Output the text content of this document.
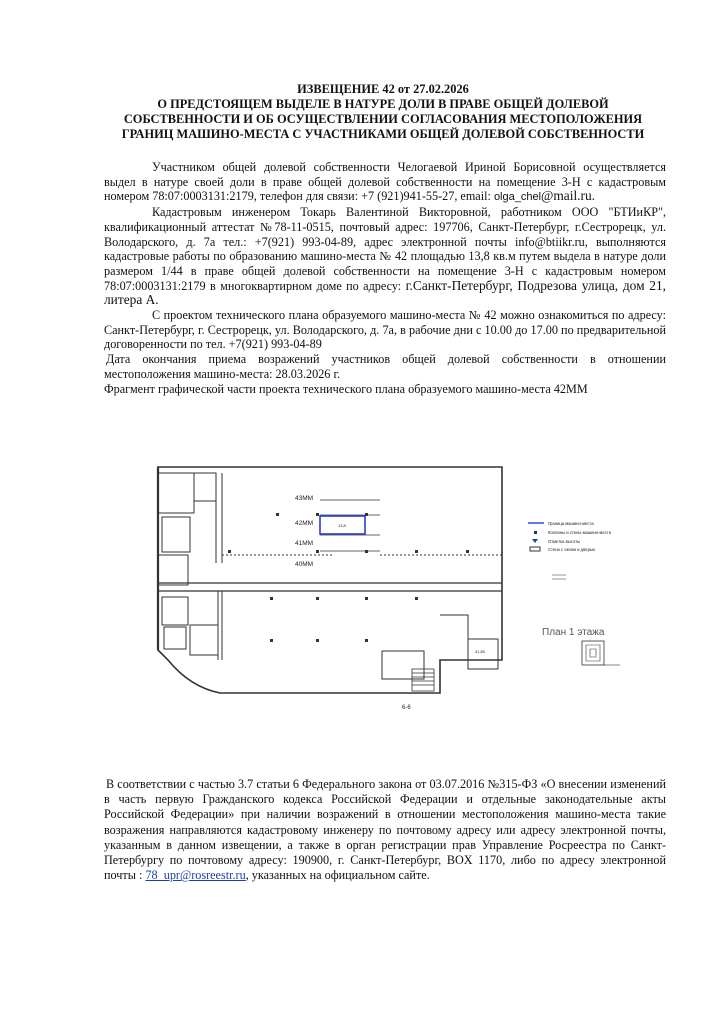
ИЗВЕЩЕНИЕ 42 от 27.02.2026
О ПРЕДСТОЯЩЕМ ВЫДЕЛЕ В НАТУРЕ ДОЛИ В ПРАВЕ ОБЩЕЙ ДОЛЕВОЙ
СОБСТВЕННОСТИ И ОБ ОСУЩЕСТВЛЕНИИ СОГЛАСОВАНИЯ МЕСТОПОЛОЖЕНИЯ
ГРАНИЦ МАШИНО-МЕСТА С УЧАСТНИКАМИ ОБЩЕЙ ДОЛЕВОЙ СОБСТВЕННОСТИ

Участником общей долевой собственности Челогаевой Ириной Борисовной осуществляется выдел в натуре своей доли в праве общей долевой собственности на помещение 3-Н с кадастровым номером 78:07:0003131:2179, телефон для связи: +7 (921)941-55-27, email: olga_chel@mail.ru.

Кадастровым инженером Токарь Валентиной Викторовной, работником ООО "БТИиКР", квалификационный аттестат №78-11-0515, почтовый адрес: 197706, Санкт-Петербург, г.Сестрорецк, ул. Володарского, д. 7а тел.: +7(921) 993-04-89, адрес электронной почты info@btiikr.ru, выполняются кадастровые работы по образованию машино-места № 42 площадью 13,8 кв.м путем выдела в натуре доли размером 1/44 в праве общей долевой собственности на помещение 3-Н с кадастровым номером 78:07:0003131:2179 в многоквартирном доме по адресу: г.Санкт-Петербург, Подрезова улица, дом 21, литера А.

С проектом технического плана образуемого машино-места № 42 можно ознакомиться по адресу: Санкт-Петербург, г. Сестрорецк, ул. Володарского, д. 7а, в рабочие дни с 10.00 до 17.00 по предварительной договоренности по тел. +7(921) 993-04-89

Дата окончания приема возражений участников общей долевой собственности в отношении местоположения машино-места: 28.03.2026 г.

Фрагмент графической части проекта технического плана образуемого машино-места 42ММ

43ММ
42ММ
41ММ
40ММ
13,8
41,80
6-6
План 1 этажа
Граница машино-места
Колонны и стены машино-места
Отметка высоты
Стена с окном и дверью

В соответствии с частью 3.7 статьи 6 Федерального закона от 03.07.2016 №315-ФЗ «О внесении изменений в часть первую Гражданского кодекса Российской Федерации и отдельные законодательные акты Российской Федерации» при наличии возражений в отношении местоположения машино-места такие возражения направляются кадастровому инженеру по почтовому адресу или адресу электронной почты, указанным в данном извещении, а также в орган регистрации прав Управление Росреестра по Санкт-Петербургу по почтовому адресу: 190900, г. Санкт-Петербург, BOX 1170, либо по адресу электронной почты : 78_upr@rosreestr.ru, указанных на официальном сайте.
